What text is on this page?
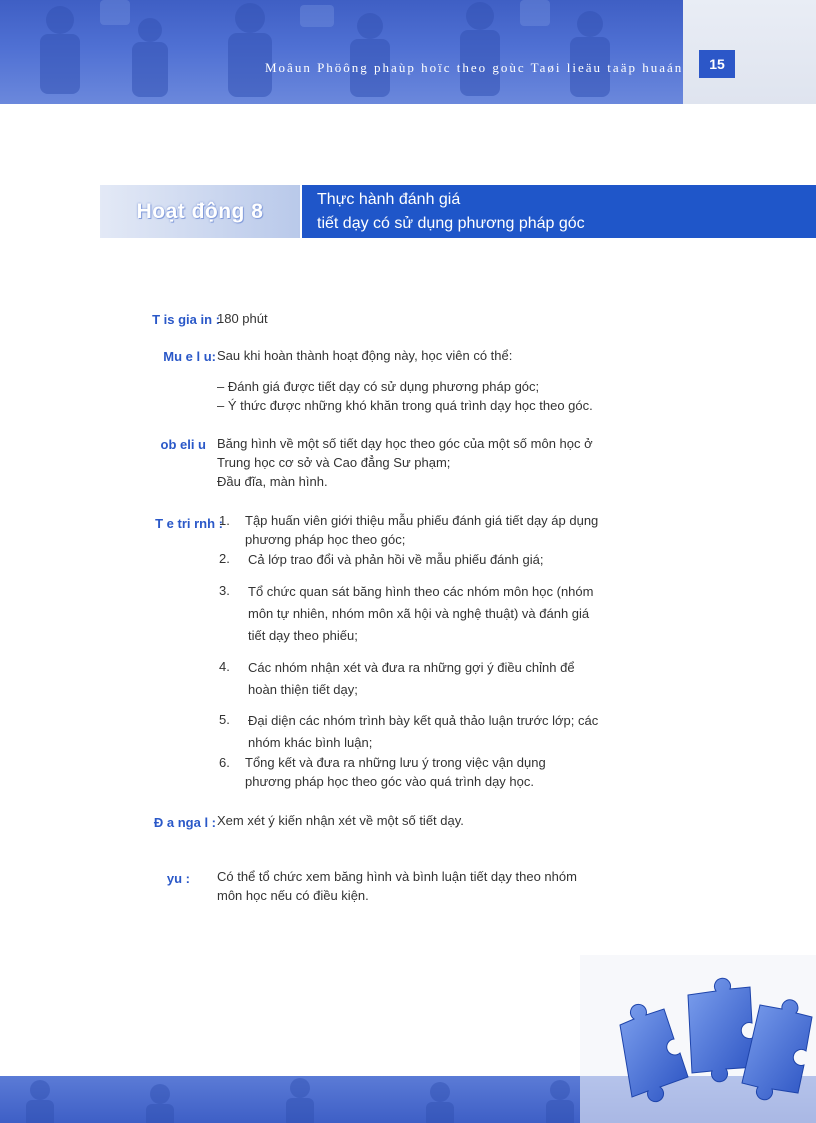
Moâun Phöông phaùp hoïc theo goùc Taøi lieäu taäp huaán	15
Hoạt động 8	Thực hành đánh giá
tiết dạy có sử dụng phương pháp góc
T is gia in :
180 phút
Mu e l u: Sau khi hoàn thành hoạt động này, học viên có thể:
– Đánh giá được tiết dạy có sử dụng phương pháp góc;
– Ý thức được những khó khăn trong quá trình dạy học theo góc.
ob eli u Băng hình về một số tiết dạy học theo góc của một số môn học ở
Trung học cơ sở và Cao đẳng Sư phạm;
Đầu đĩa, màn hình.
T e tri rnh :
1. Tập huấn viên giới thiệu mẫu phiếu đánh giá tiết dạy áp dụng
phương pháp học theo góc;
2. Cả lớp trao đổi và phản hồi về mẫu phiếu đánh giá;
3. Tổ chức quan sát băng hình theo các nhóm môn học (nhóm
môn tự nhiên, nhóm môn xã hội và nghệ thuật) và đánh giá
tiết dạy theo phiếu;
4. Các nhóm nhận xét và đưa ra những gợi ý điều chỉnh để
hoàn thiện tiết dạy;
5. Đại diện các nhóm trình bày kết quả thảo luận trước lớp; các
nhóm khác bình luận;
6. Tổng kết và đưa ra những lưu ý trong việc vận dụng
phương pháp học theo góc vào quá trình dạy học.
Đ a nga l : Xem xét ý kiến nhận xét về một số tiết dạy.
yu : Có thể tổ chức xem băng hình và bình luận tiết dạy theo nhóm
môn học nếu có điều kiện.
